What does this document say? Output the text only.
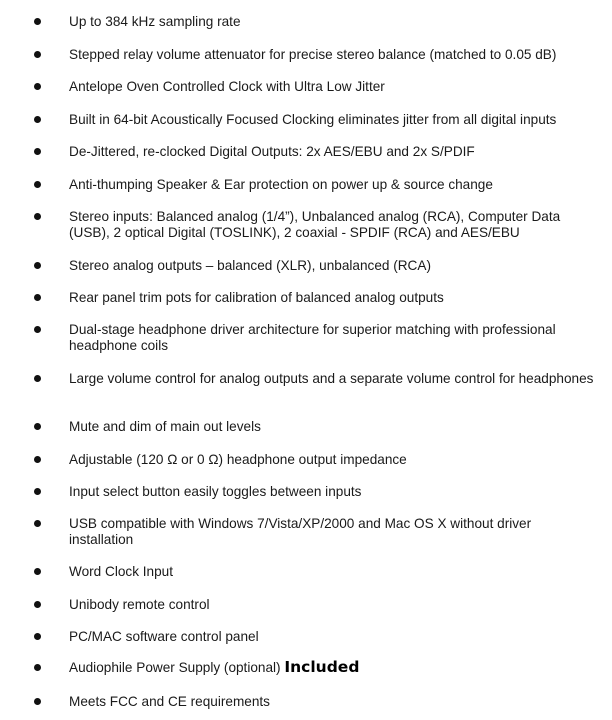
Up to 384 kHz sampling rate
Stepped relay volume attenuator for precise stereo balance (matched to 0.05 dB)
Antelope Oven Controlled Clock with Ultra Low Jitter
Built in 64-bit Acoustically Focused Clocking eliminates jitter from all digital inputs
De-Jittered, re-clocked Digital Outputs: 2x AES/EBU and 2x S/PDIF
Anti-thumping Speaker & Ear protection on power up & source change
Stereo inputs: Balanced analog (1/4”), Unbalanced analog (RCA), Computer Data (USB), 2 optical Digital (TOSLINK), 2 coaxial - SPDIF (RCA) and AES/EBU
Stereo analog outputs – balanced (XLR), unbalanced (RCA)
Rear panel trim pots for calibration of balanced analog outputs
Dual-stage headphone driver architecture for superior matching with professional headphone coils
Large volume control for analog outputs and a separate volume control for headphones
Mute and dim of main out levels
Adjustable (120 Ω or 0 Ω) headphone output impedance
Input select button easily toggles between inputs
USB compatible with Windows 7/Vista/XP/2000 and Mac OS X without driver installation
Word Clock Input
Unibody remote control
PC/MAC software control panel
Audiophile Power Supply (optional) Included
Meets FCC and CE requirements
